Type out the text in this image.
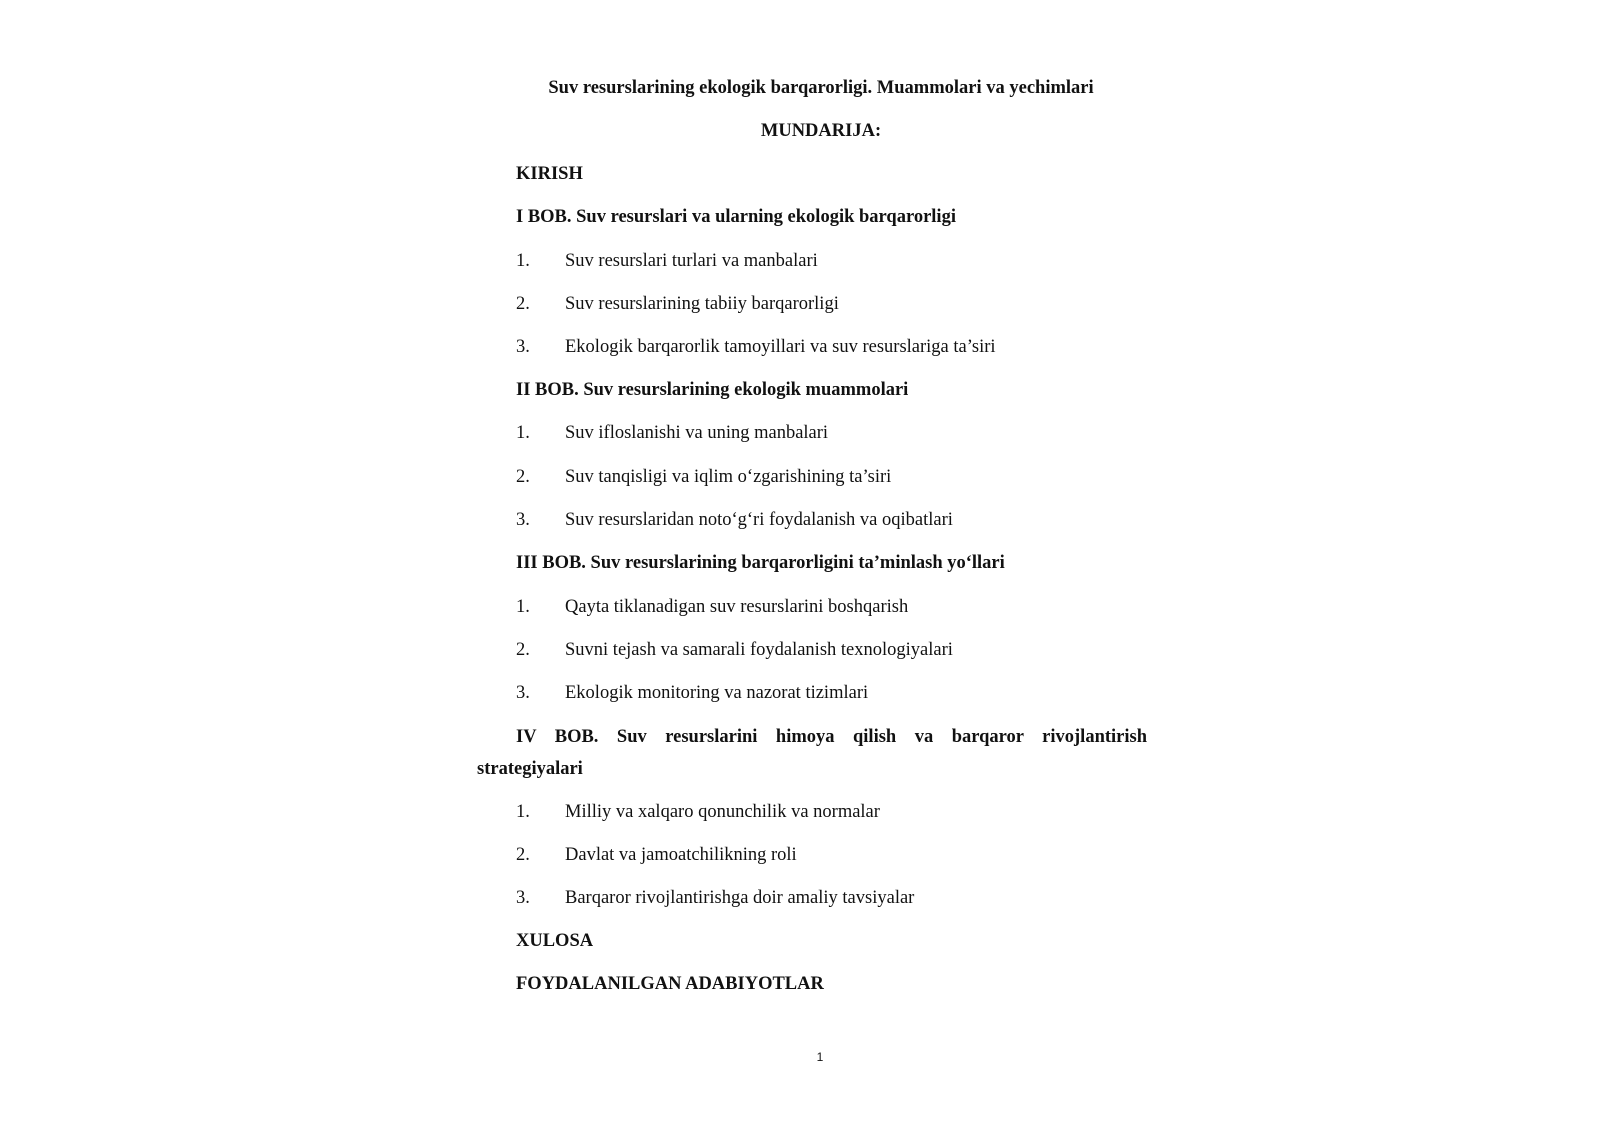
Suv resurslarining ekologik barqarorligi. Muammolari va yechimlari
MUNDARIJA:
KIRISH
I BOB. Suv resurslari va ularning ekologik barqarorligi
1. Suv resurslari turlari va manbalari
2. Suv resurslarining tabiiy barqarorligi
3. Ekologik barqarorlik tamoyillari va suv resurslariga ta’siri
II BOB. Suv resurslarining ekologik muammolari
1. Suv ifloslanishi va uning manbalari
2. Suv tanqisligi va iqlim o‘zgarishining ta’siri
3. Suv resurslaridan noto‘g‘ri foydalanish va oqibatlari
III BOB. Suv resurslarining barqarorligini ta’minlash yo‘llari
1. Qayta tiklanadigan suv resurslarini boshqarish
2. Suvni tejash va samarali foydalanish texnologiyalari
3. Ekologik monitoring va nazorat tizimlari
IV BOB. Suv resurslarini himoya qilish va barqaror rivojlantirish
strategiyalari
1. Milliy va xalqaro qonunchilik va normalar
2. Davlat va jamoatchilikning roli
3. Barqaror rivojlantirishga doir amaliy tavsiyalar
XULOSA
FOYDALANILGAN ADABIYOTLAR
1
